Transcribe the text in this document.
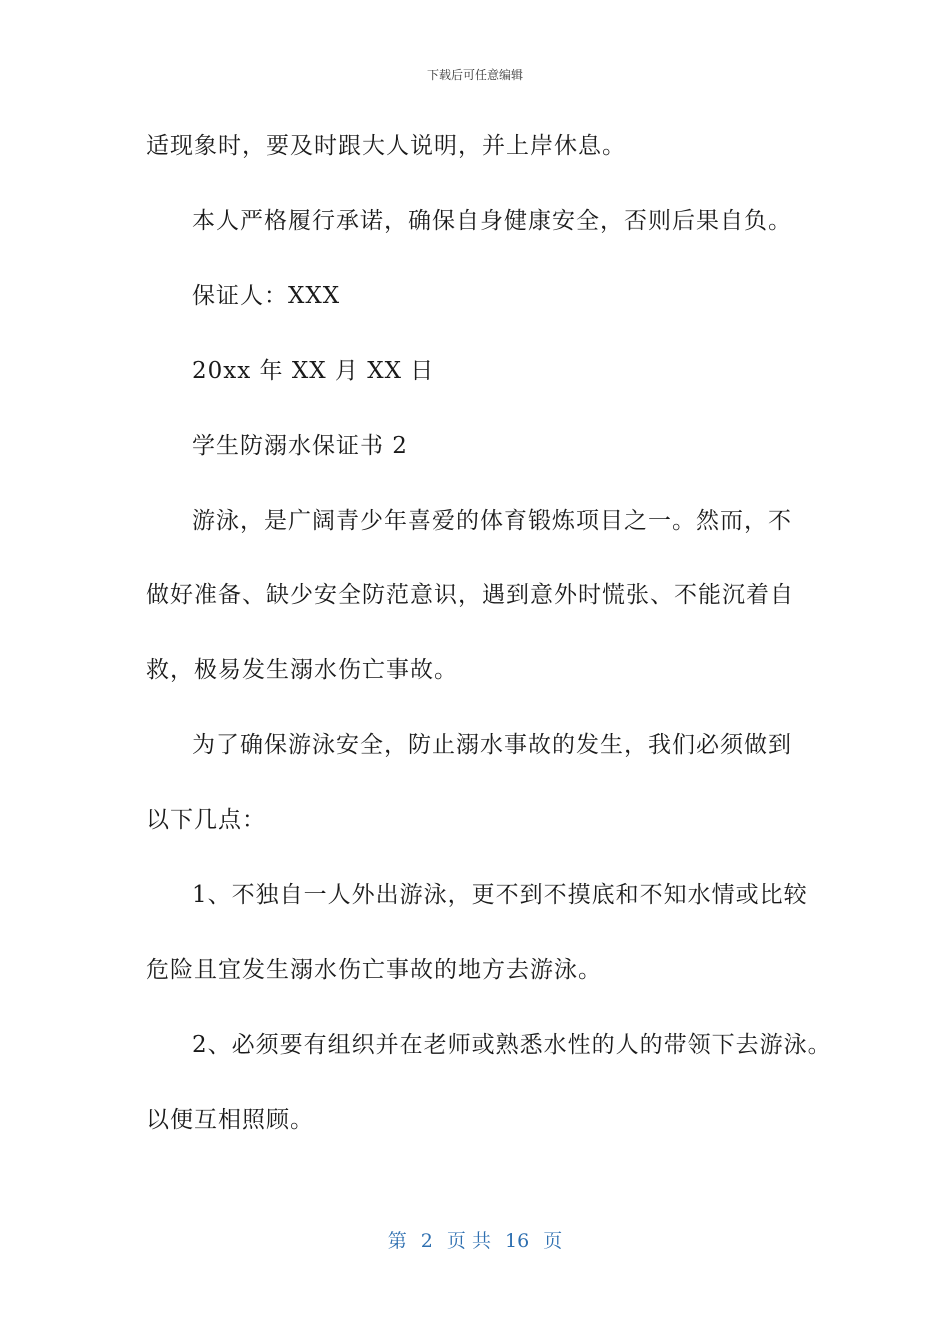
下载后可任意编辑
适现象时，要及时跟大人说明，并上岸休息。
本人严格履行承诺，确保自身健康安全，否则后果自负。
保证人：XXX
20xx 年 XX 月 XX 日
学生防溺水保证书 2
游泳，是广阔青少年喜爱的体育锻炼项目之一。然而，不
做好准备、缺少安全防范意识，遇到意外时慌张、不能沉着自
救，极易发生溺水伤亡事故。
为了确保游泳安全，防止溺水事故的发生，我们必须做到
以下几点：
1、不独自一人外出游泳，更不到不摸底和不知水情或比较
危险且宜发生溺水伤亡事故的地方去游泳。
2、必须要有组织并在老师或熟悉水性的人的带领下去游泳。
以便互相照顾。
第 2 页 共 16 页
